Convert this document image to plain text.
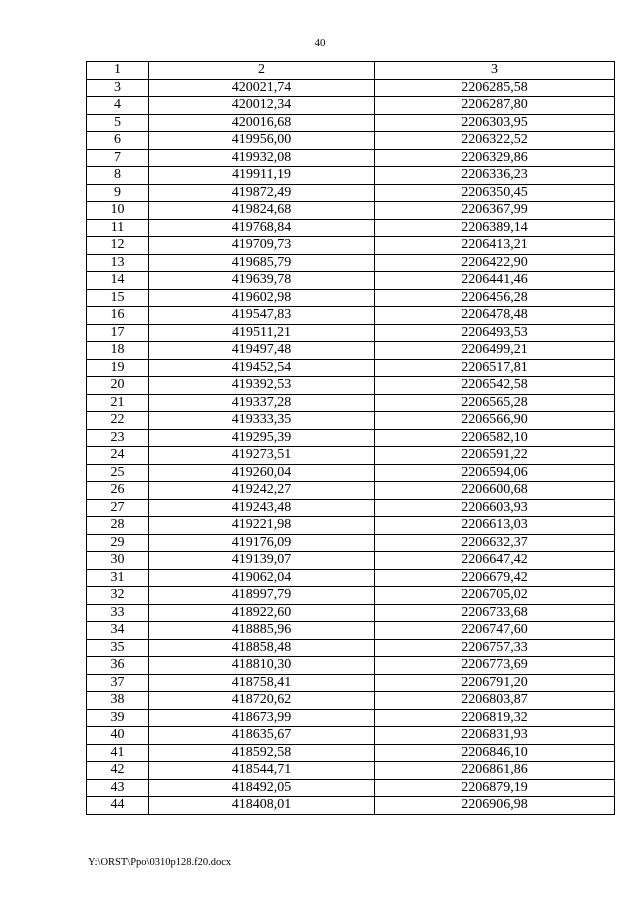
40
1	2	3
3	420021,74	2206285,58
4	420012,34	2206287,80
5	420016,68	2206303,95
6	419956,00	2206322,52
7	419932,08	2206329,86
8	419911,19	2206336,23
9	419872,49	2206350,45
10	419824,68	2206367,99
11	419768,84	2206389,14
12	419709,73	2206413,21
13	419685,79	2206422,90
14	419639,78	2206441,46
15	419602,98	2206456,28
16	419547,83	2206478,48
17	419511,21	2206493,53
18	419497,48	2206499,21
19	419452,54	2206517,81
20	419392,53	2206542,58
21	419337,28	2206565,28
22	419333,35	2206566,90
23	419295,39	2206582,10
24	419273,51	2206591,22
25	419260,04	2206594,06
26	419242,27	2206600,68
27	419243,48	2206603,93
28	419221,98	2206613,03
29	419176,09	2206632,37
30	419139,07	2206647,42
31	419062,04	2206679,42
32	418997,79	2206705,02
33	418922,60	2206733,68
34	418885,96	2206747,60
35	418858,48	2206757,33
36	418810,30	2206773,69
37	418758,41	2206791,20
38	418720,62	2206803,87
39	418673,99	2206819,32
40	418635,67	2206831,93
41	418592,58	2206846,10
42	418544,71	2206861,86
43	418492,05	2206879,19
44	418408,01	2206906,98
Y:\ORST\Ppo\0310p128.f20.docx
